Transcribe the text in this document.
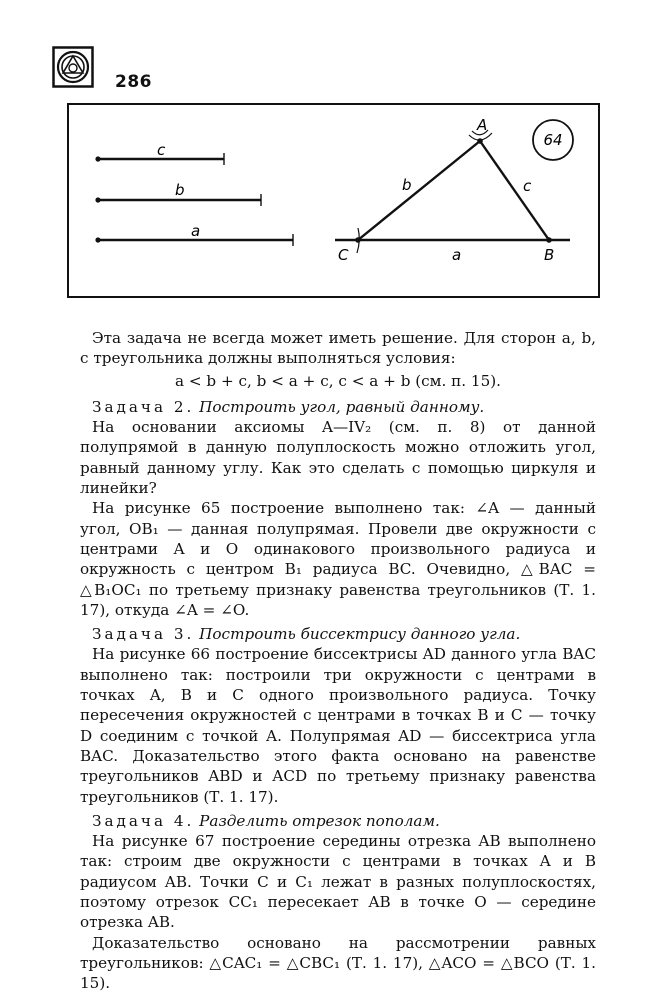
286
c
b
a
A
B
C	a
b	c
64

Эта задача не всегда может иметь решение. Для сторон a, b, c треугольника должны выполняться условия:

a < b + c, b < a + c, c < a + b (см. п. 15).

Задача 2. Построить угол, равный данному.

На основании аксиомы A—IV₂ (см. п. 8) от данной полупрямой в данную полуплоскость можно отложить угол, равный данному углу. Как это сделать с помощью циркуля и линейки?

На рисунке 65 построение выполнено так: ∠A — данный угол, OB₁ — данная полупрямая. Провели две окружности с центрами A и O одинакового произвольного радиуса и окружность с центром B₁ радиуса BC. Очевидно, △BAC = △B₁OC₁ по третьему признаку равенства треугольников (Т. 1. 17), откуда ∠A = ∠O.

Задача 3. Построить биссектрису данного угла.

На рисунке 66 построение биссектрисы AD данного угла BAC выполнено так: построили три окружности с центрами в точках A, B и C одного произвольного радиуса. Точку пересечения окружностей с центрами в точках B и C — точку D соединим с точкой A. Полупрямая AD — биссектриса угла BAC. Доказательство этого факта основано на равенстве треугольников ABD и ACD по третьему признаку равенства треугольников (Т. 1. 17).

Задача 4. Разделить отрезок пополам.

На рисунке 67 построение середины отрезка AB выполнено так: строим две окружности с центрами в точках A и B радиусом AB. Точки C и C₁ лежат в разных полуплоскостях, поэтому отрезок CC₁ пересекает AB в точке O — середине отрезка AB.

Доказательство основано на рассмотрении равных треугольников: △CAC₁ = △CBC₁ (Т. 1. 17), △ACO = △BCO (Т. 1. 15).
